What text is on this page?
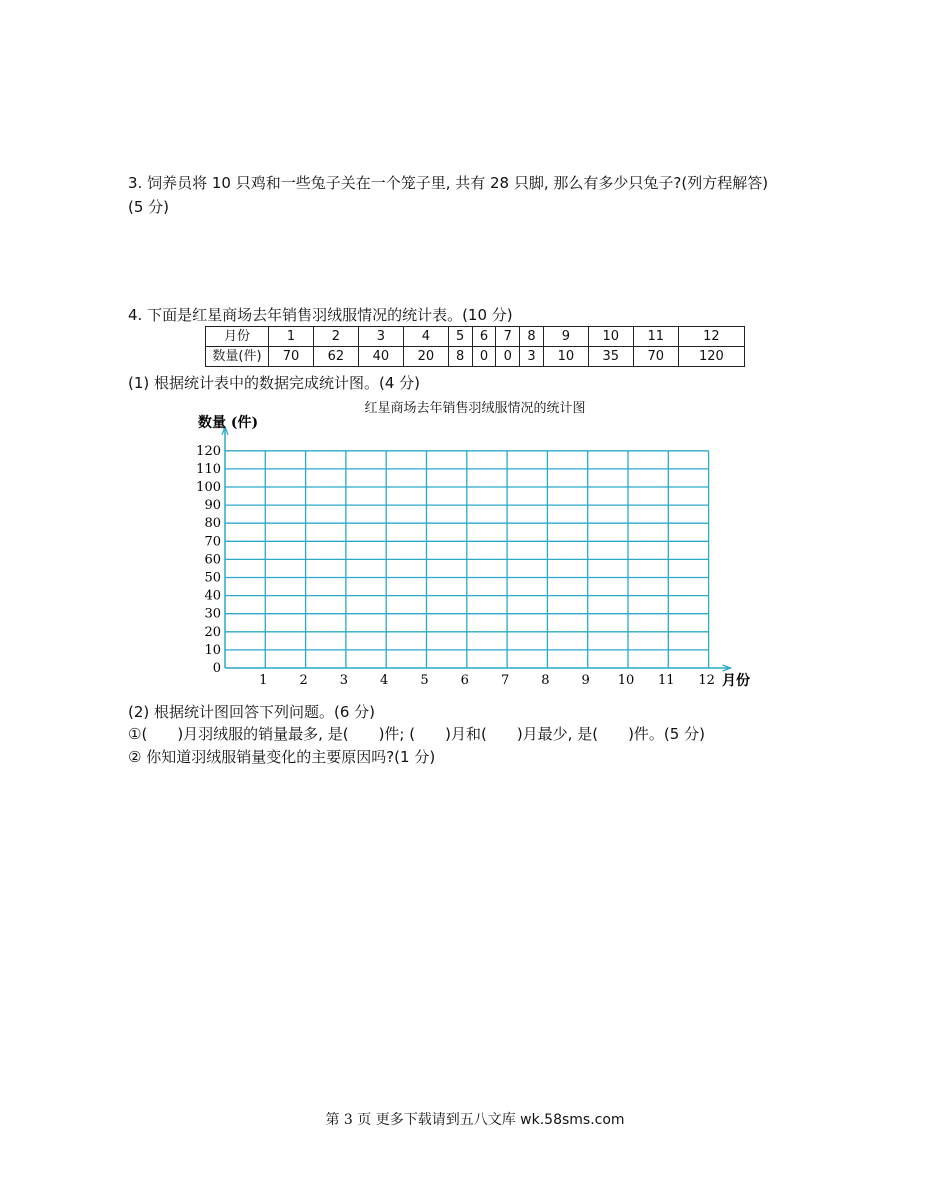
3. 饲养员将 10 只鸡和一些兔子关在一个笼子里, 共有 28 只脚, 那么有多少只兔子?(列方程解答)
(5 分)
4. 下面是红星商场去年销售羽绒服情况的统计表。(10 分)
月份	1	2	3	4	5	6	7	8	9	10	11	12
数量(件)	70	62	40	20	8	0	0	3	10	35	70	120
(1) 根据统计表中的数据完成统计图。(4 分)
红星商场去年销售羽绒服情况的统计图
0
10
20
30
40
50
60
70
80
90
100
110
120
1 2 3 4 5 6 7 8 9 10 11 12
数量 (件)
月份
(2) 根据统计图回答下列问题。(6 分)
①( )月羽绒服的销量最多, 是( )件; ( )月和( )月最少, 是( )件。(5 分)
② 你知道羽绒服销量变化的主要原因吗?(1 分)
第 3 页 更多下载请到五八文库 wk.58sms.com
